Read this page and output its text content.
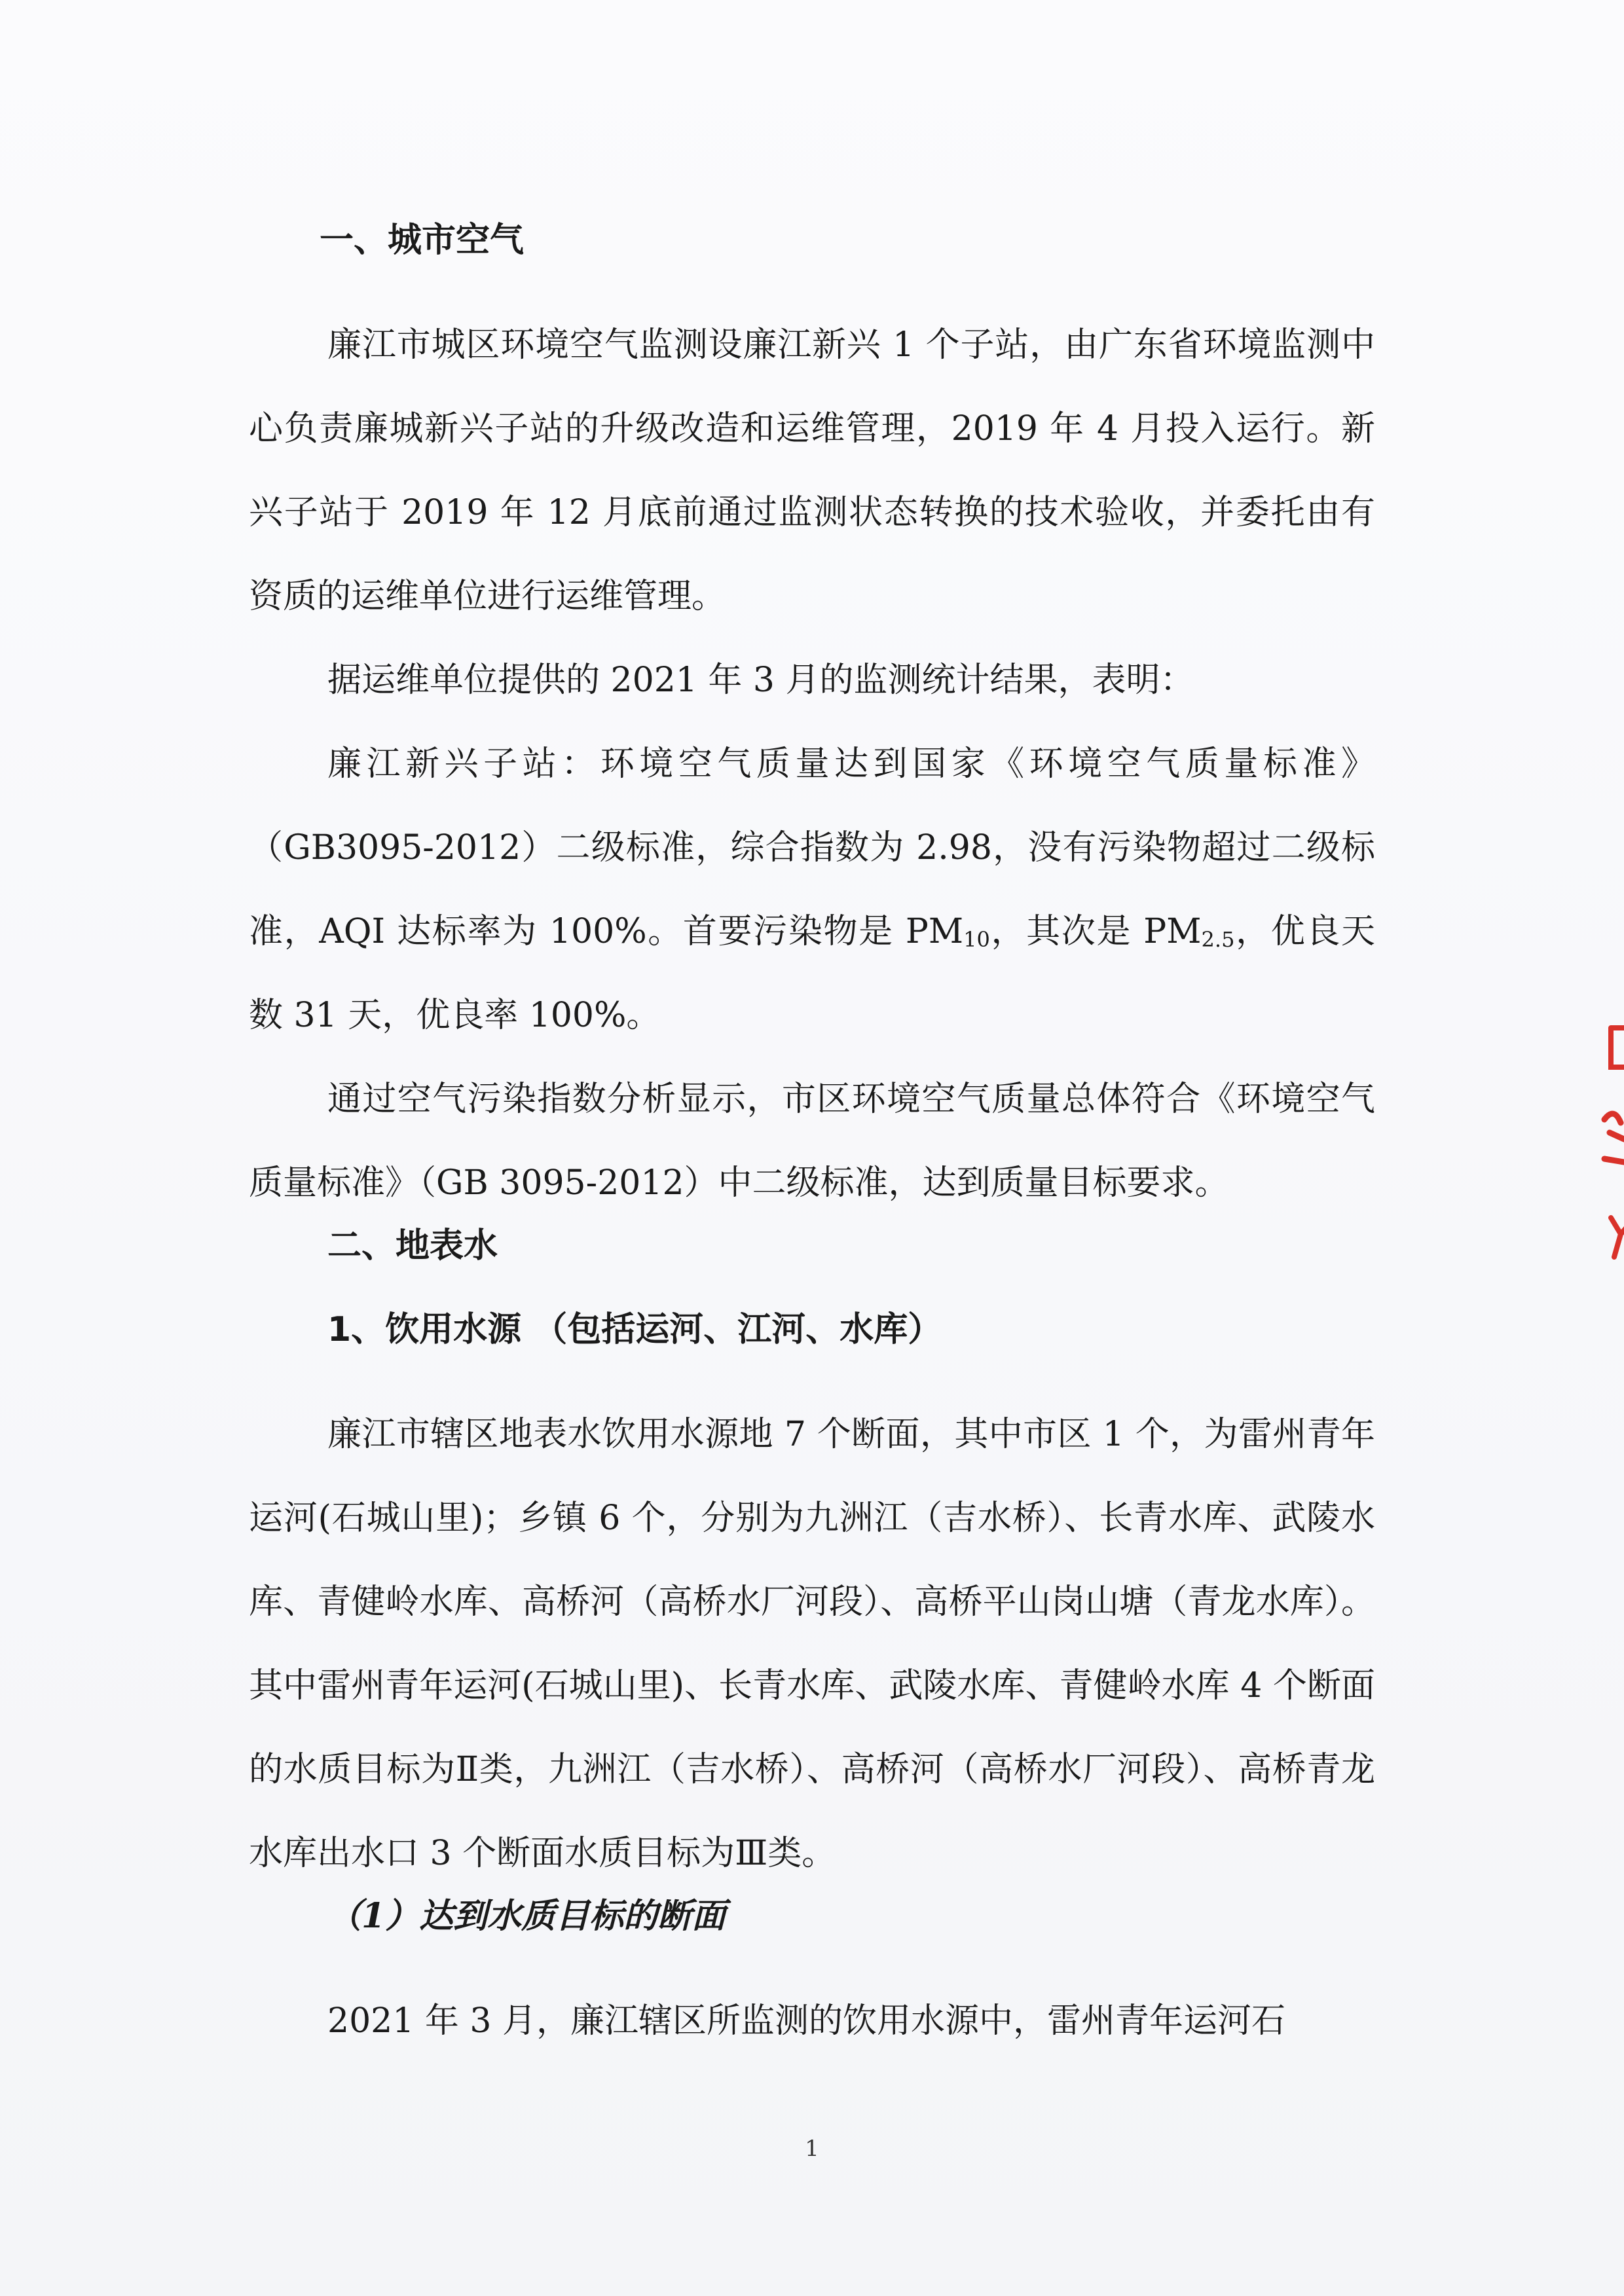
一、城市空气

廉江市城区环境空气监测设廉江新兴 1 个子站，由广东省环境监测中心负责廉城新兴子站的升级改造和运维管理，2019 年 4 月投入运行。新兴子站于 2019 年 12 月底前通过监测状态转换的技术验收，并委托由有资质的运维单位进行运维管理。

据运维单位提供的 2021 年 3 月的监测统计结果，表明：

廉江新兴子站：环境空气质量达到国家《环境空气质量标准》（GB3095-2012）二级标准，综合指数为 2.98，没有污染物超过二级标准，AQI 达标率为 100%。首要污染物是 $PM_{10}$，其次是 $PM_{2.5}$，优良天数 31 天，优良率 100%。

通过空气污染指数分析显示，市区环境空气质量总体符合《环境空气质量标准》（GB 3095-2012）中二级标准，达到质量目标要求。

二、地表水
1、饮用水源 （包括运河、江河、水库）

廉江市辖区地表水饮用水源地 7 个断面，其中市区 1 个，为雷州青年运河(石城山里)；乡镇 6 个，分别为九洲江（吉水桥）、长青水库、武陵水库、青健岭水库、高桥河（高桥水厂河段）、高桥平山岗山塘（青龙水库）。其中雷州青年运河(石城山里)、长青水库、武陵水库、青健岭水库 4 个断面的水质目标为Ⅱ类，九洲江（吉水桥）、高桥河（高桥水厂河段）、高桥青龙水库出水口 3 个断面水质目标为Ⅲ类。

（1）达到水质目标的断面

2021 年 3 月，廉江辖区所监测的饮用水源中，雷州青年运河石

1
